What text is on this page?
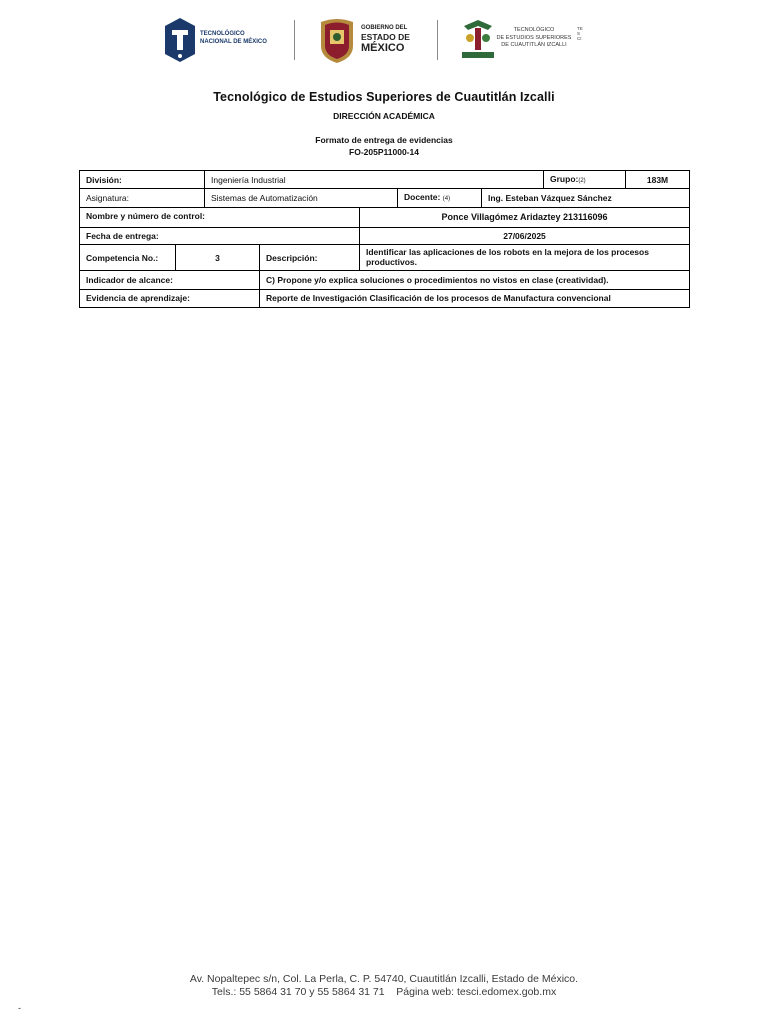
TECNOLÓGICO
NACIONAL DE MÉXICO
GOBIERNO DEL
ESTADO DE
MÉXICO
TECNOLÓGICO
DE ESTUDIOS SUPERIORES
DE CUAUTITLÁN IZCALLI
TESCI
Tecnológico de Estudios Superiores de Cuautitlán Izcalli
DIRECCIÓN ACADÉMICA
Formato de entrega de evidencias
FO-205P11000-14
División:		Ingeniería Industrial					Grupo:(2)	183M
Asignatura:		Sistemas de Automatización			Docente: (4)	Ing. Esteban Vázquez Sánchez		
Nombre y número de control:				Ponce Villagómez Aridaztey 213116096				
Fecha de entrega:				27/06/2025				
Competencia No.:	3		Descripción:	Identificar las aplicaciones de los robots en la mejora de los procesos productivos.				
Indicador de alcance:			C) Propone y/o explica soluciones o procedimientos no vistos en clase (creatividad).					
Evidencia de aprendizaje:			Reporte de Investigación Clasificación de los procesos de Manufactura convencional					
Av. Nopaltepec s/n, Col. La Perla, C. P. 54740, Cuautitlán Izcalli, Estado de México.
Tels.: 55 5864 31 70 y 55 5864 31 71    Página web: tesci.edomex.gob.mx
-
